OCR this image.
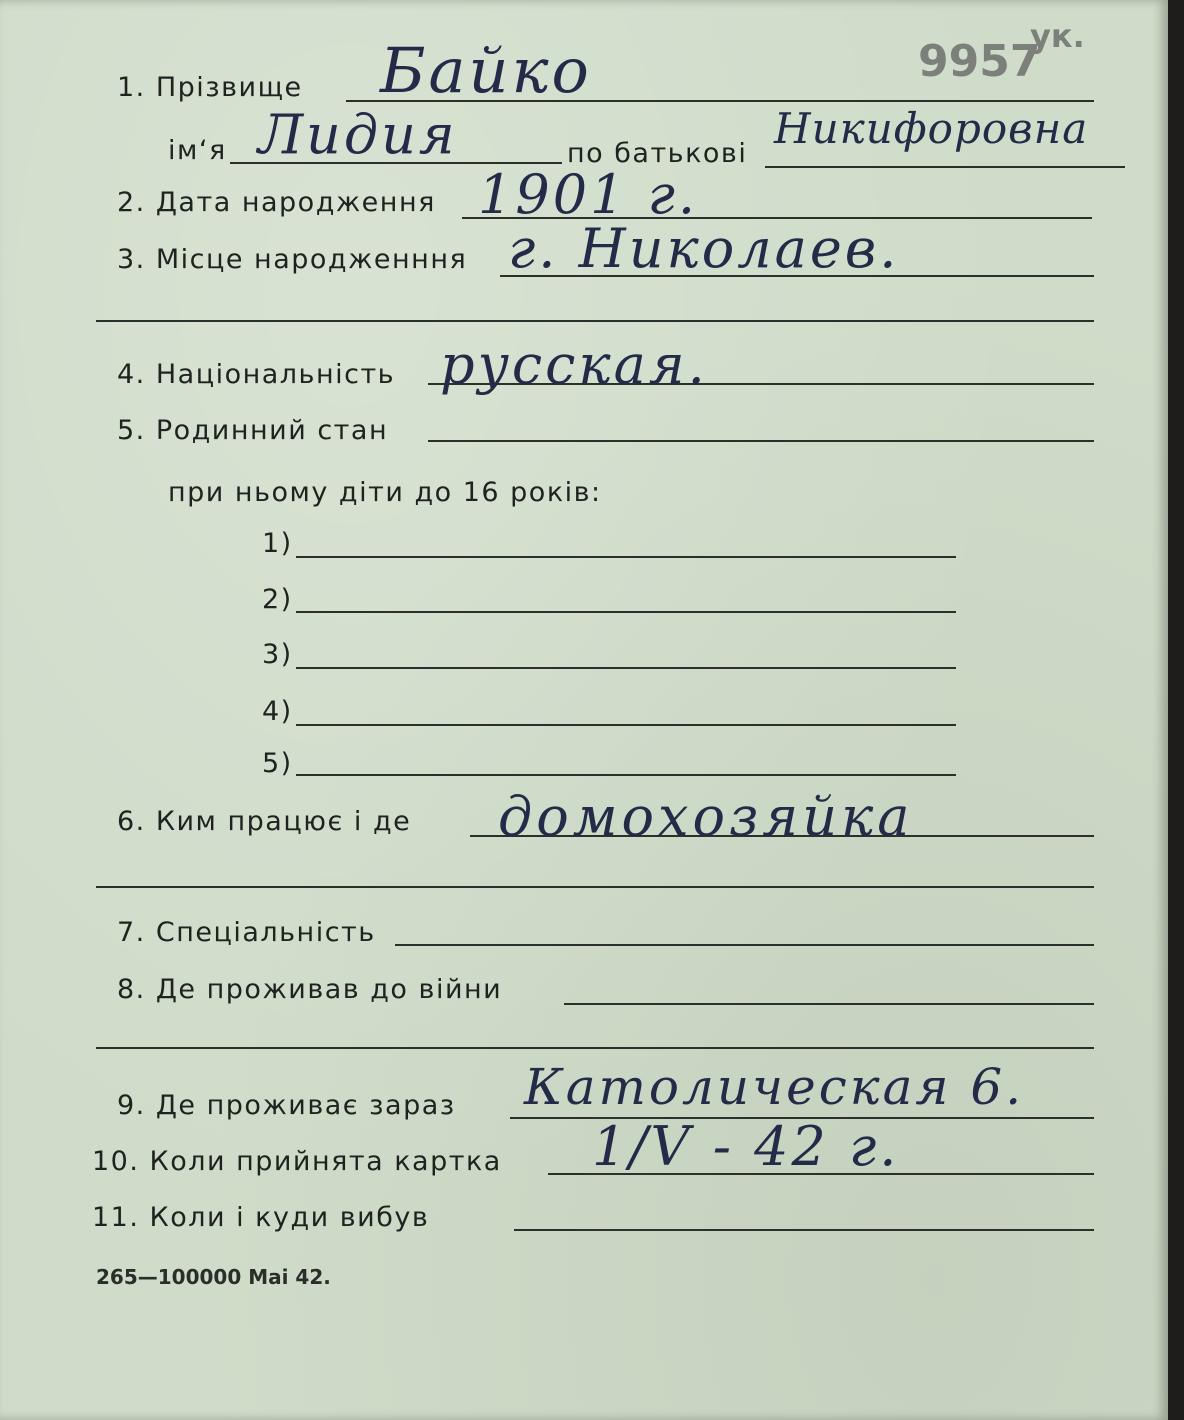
9957
ук.
1. Прізвище Байко
ім‘я Лидия	по батькові
Никифоровна
2. Дата народження 1901 г.
3. Місце народженння г. Николаев.
4. Національність русская.
5. Родинний стан
при ньому діти до 16 років:
1)
2)
3)
4)
5)
6. Ким працює і де домохозяйка
7. Спеціальність
8. Де проживав до війни
9. Де проживає зараз Католическая 6.
10. Коли прийнята картка 1/V - 42 г.
11. Коли і куди вибув
265—100000 Mai 42.
